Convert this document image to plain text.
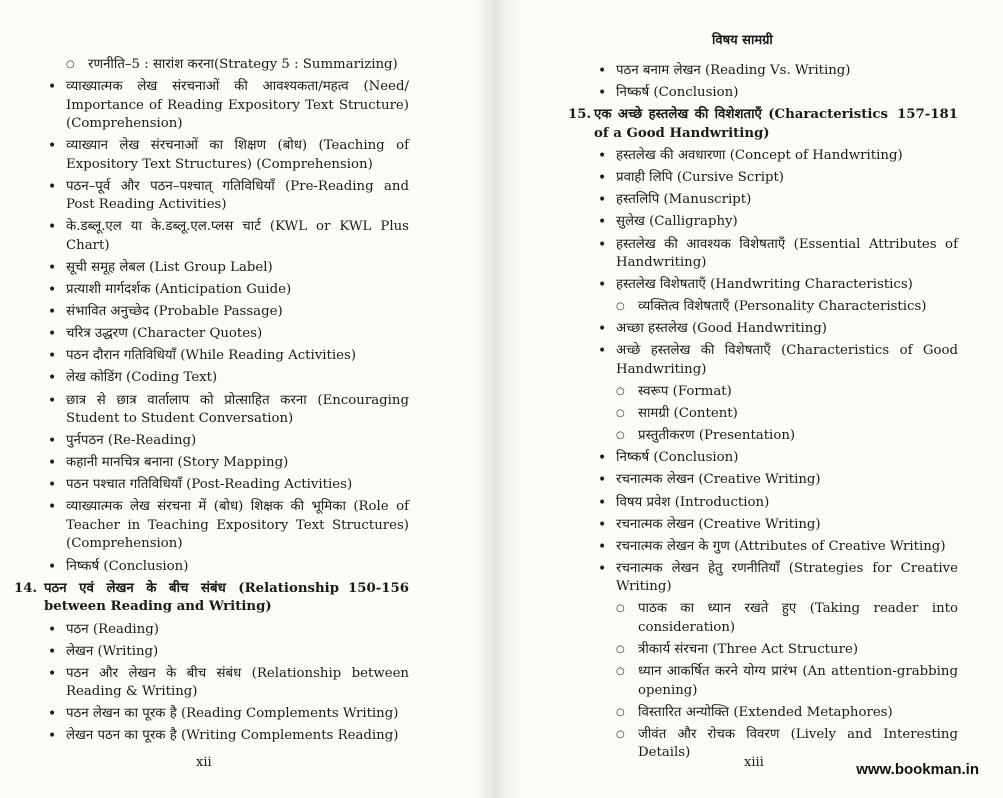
○ रणनीति–5 : सारांश करना(Strategy 5 : Summarizing)
• व्याख्यात्मक लेख संरचनाओं की आवश्यकता/महत्व (Need/ Importance of Reading Expository Text Structure) (Comprehension)
• व्याख्यान लेख संरचनाओं का शिक्षण (बोध) (Teaching of Expository Text Structures) (Comprehension)
• पठन–पूर्व और पठन–पश्चात् गतिविधियाँ (Pre-Reading and Post Reading Activities)
• के.डब्लू.एल या के.डब्लू.एल.प्लस चार्ट (KWL or KWL Plus Chart)
• सूची समूह लेबल (List Group Label)
• प्रत्याशी मार्गदर्शक (Anticipation Guide)
• संभावित अनुच्छेद (Probable Passage)
• चरित्र उद्धरण (Character Quotes)
• पठन दौरान गतिविधियाँ (While Reading Activities)
• लेख कोडिंग (Coding Text)
• छात्र से छात्र वार्तालाप को प्रोत्साहित करना (Encouraging Student to Student Conversation)
• पुर्नपठन (Re-Reading)
• कहानी मानचित्र बनाना (Story Mapping)
• पठन पश्चात गतिविधियाँ (Post-Reading Activities)
• व्याख्यात्मक लेख संरचना में (बोध) शिक्षक की भूमिका (Role of Teacher in Teaching Expository Text Structures) (Comprehension)
• निष्कर्ष (Conclusion)
14. पठन एवं लेखन के बीच संबंध (Relationship between Reading and Writing)
150-156
• पठन (Reading)
• लेखन (Writing)
• पठन और लेखन के बीच संबंध (Relationship between Reading & Writing)
• पठन लेखन का पूरक है (Reading Complements Writing)
• लेखन पठन का पूरक है (Writing Complements Reading)
xii
विषय सामग्री
• पठन बनाम लेखन (Reading Vs. Writing)
• निष्कर्ष (Conclusion)
15. एक अच्छे हस्तलेख की विशेशताएँ (Characteristics of a Good Handwriting)
157-181
• हस्तलेख की अवधारणा (Concept of Handwriting)
• प्रवाही लिपि (Cursive Script)
• हस्तलिपि (Manuscript)
• सुलेख (Calligraphy)
• हस्तलेख की आवश्यक विशेषताएँ (Essential Attributes of Handwriting)
• हस्तलेख विशेषताएँ (Handwriting Characteristics)
○ व्यक्तित्व विशेषताएँ (Personality Characteristics)
• अच्छा हस्तलेख (Good Handwriting)
• अच्छे हस्तलेख की विशेषताएँ (Characteristics of Good Handwriting)
○ स्वरूप (Format)
○ सामग्री (Content)
○ प्रस्तुतीकरण (Presentation)
• निष्कर्ष (Conclusion)
• रचनात्मक लेखन (Creative Writing)
• विषय प्रवेश (Introduction)
• रचनात्मक लेखन (Creative Writing)
• रचनात्मक लेखन के गुण (Attributes of Creative Writing)
• रचनात्मक लेखन हेतु रणनीतियाँ (Strategies for Creative Writing)
○ पाठक का ध्यान रखते हुए (Taking reader into consideration)
○ त्रीकार्य संरचना (Three Act Structure)
○ ध्यान आकर्षित करने योग्य प्रारंभ (An attention-grabbing opening)
○ विस्तारित अन्योक्ति (Extended Metaphores)
○ जीवंत और रोचक विवरण (Lively and Interesting Details)
xiii	www.bookman.in
